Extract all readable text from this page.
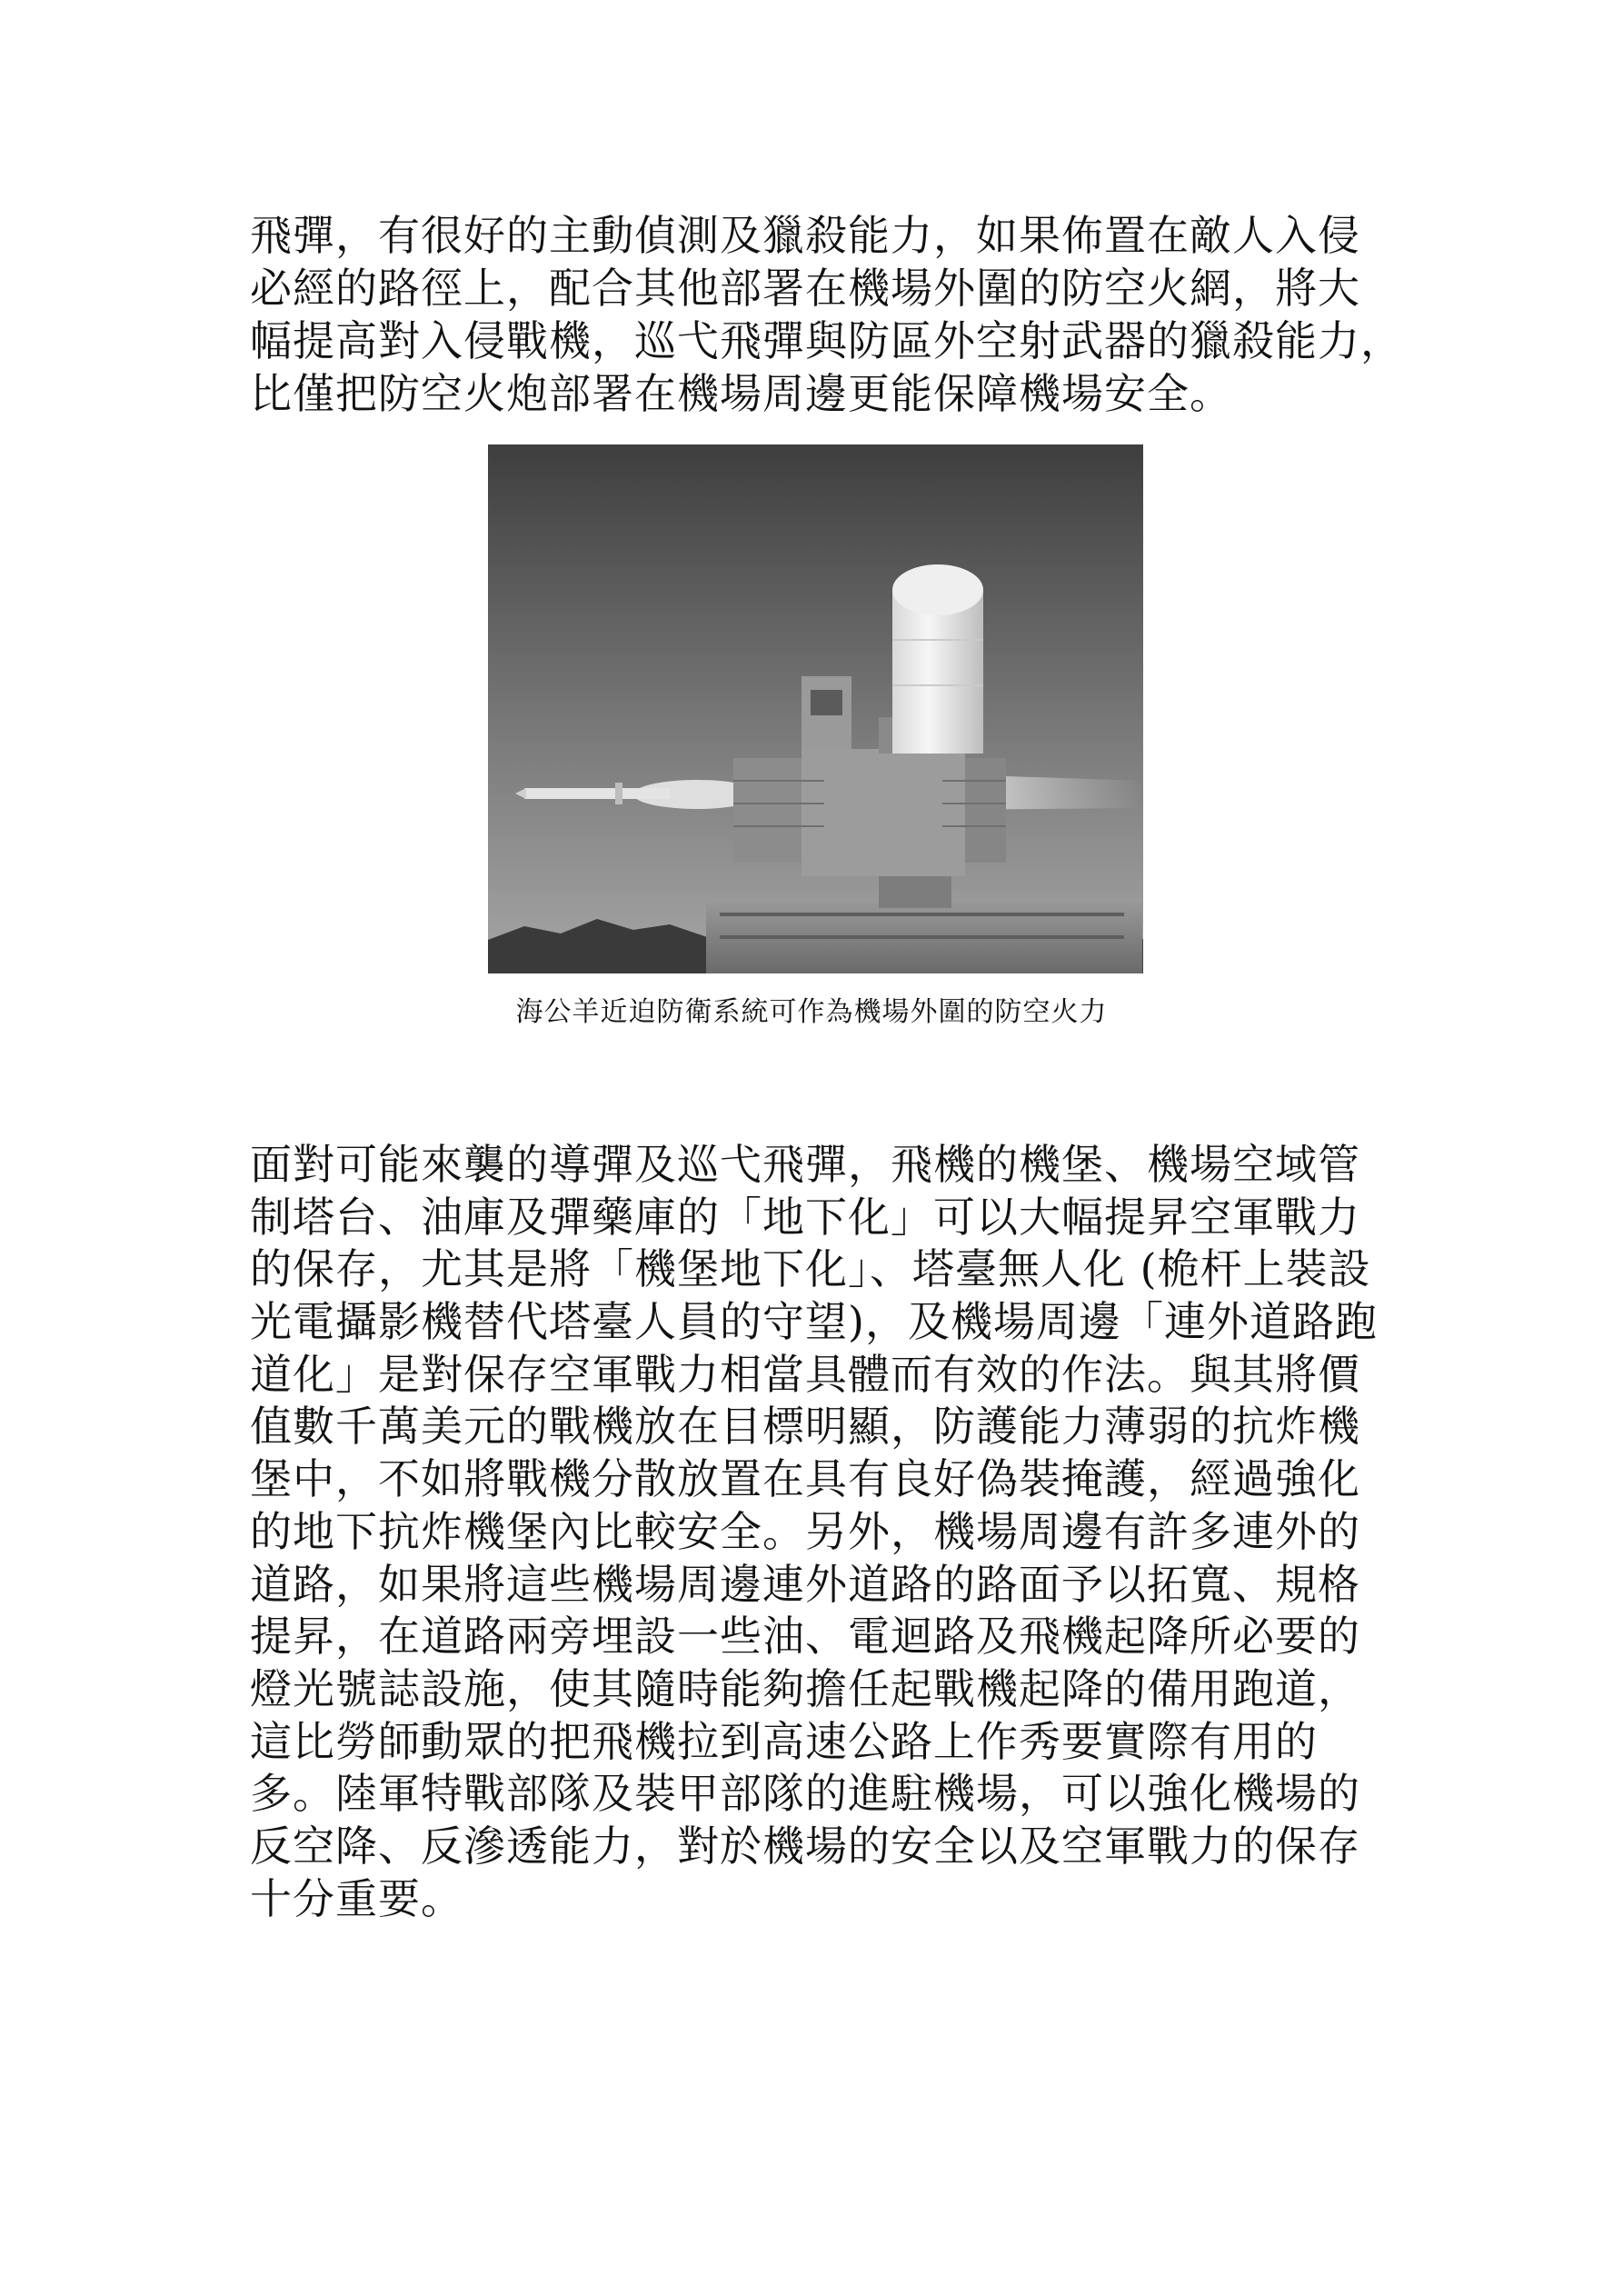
飛彈，有很好的主動偵測及獵殺能力，如果佈置在敵人入侵
必經的路徑上，配合其他部署在機場外圍的防空火網，將大
幅提高對入侵戰機，巡弋飛彈與防區外空射武器的獵殺能力，
比僅把防空火炮部署在機場周邊更能保障機場安全。

海公羊近迫防衛系統可作為機場外圍的防空火力

面對可能來襲的導彈及巡弋飛彈，飛機的機堡、機場空域管
制塔台、油庫及彈藥庫的「地下化」可以大幅提昇空軍戰力
的保存，尤其是將「機堡地下化」、塔臺無人化 (桅杆上裝設
光電攝影機替代塔臺人員的守望)，及機場周邊「連外道路跑
道化」是對保存空軍戰力相當具體而有效的作法。與其將價
值數千萬美元的戰機放在目標明顯，防護能力薄弱的抗炸機
堡中，不如將戰機分散放置在具有良好偽裝掩護，經過強化
的地下抗炸機堡內比較安全。另外，機場周邊有許多連外的
道路，如果將這些機場周邊連外道路的路面予以拓寬、規格
提昇，在道路兩旁埋設一些油、電迴路及飛機起降所必要的
燈光號誌設施，使其隨時能夠擔任起戰機起降的備用跑道，
這比勞師動眾的把飛機拉到高速公路上作秀要實際有用的
多。陸軍特戰部隊及裝甲部隊的進駐機場，可以強化機場的
反空降、反滲透能力，對於機場的安全以及空軍戰力的保存
十分重要。
